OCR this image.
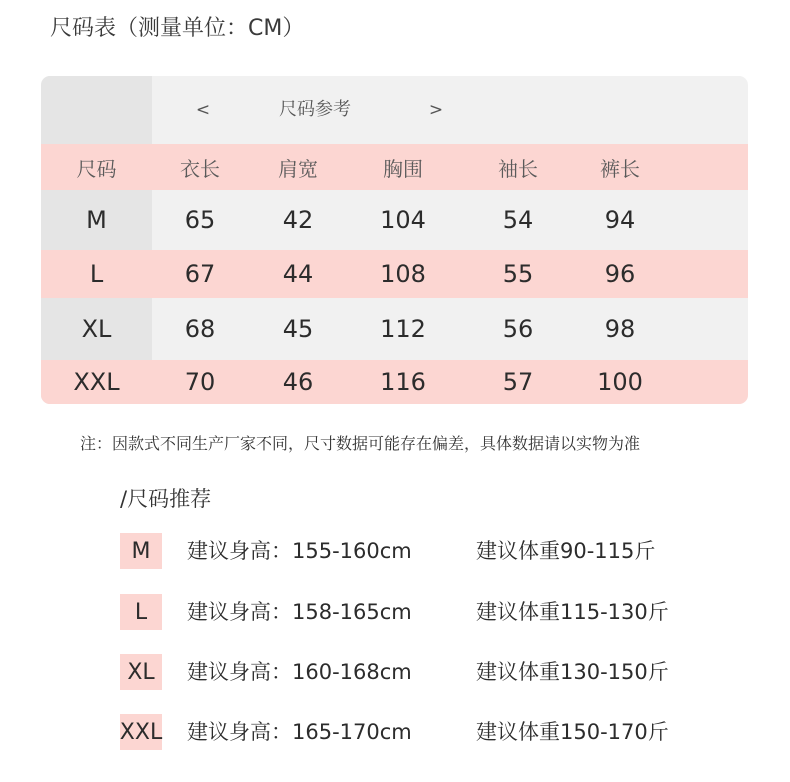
尺码表（测量单位：CM）
<	尺码参考	>
尺码	衣长	肩宽	胸围	袖长	裤长
M	65	42	104	54	94
L	67	44	108	55	96
XL	68	45	112	56	98
XXL	70	46	116	57	100
注：因款式不同生产厂家不同，尺寸数据可能存在偏差，具体数据请以实物为准
/尺码推荐
M	建议身高：155-160cm	建议体重90-115斤
L	建议身高：158-165cm	建议体重115-130斤
XL	建议身高：160-168cm	建议体重130-150斤
XXL 建议身高：165-170cm	建议体重150-170斤
